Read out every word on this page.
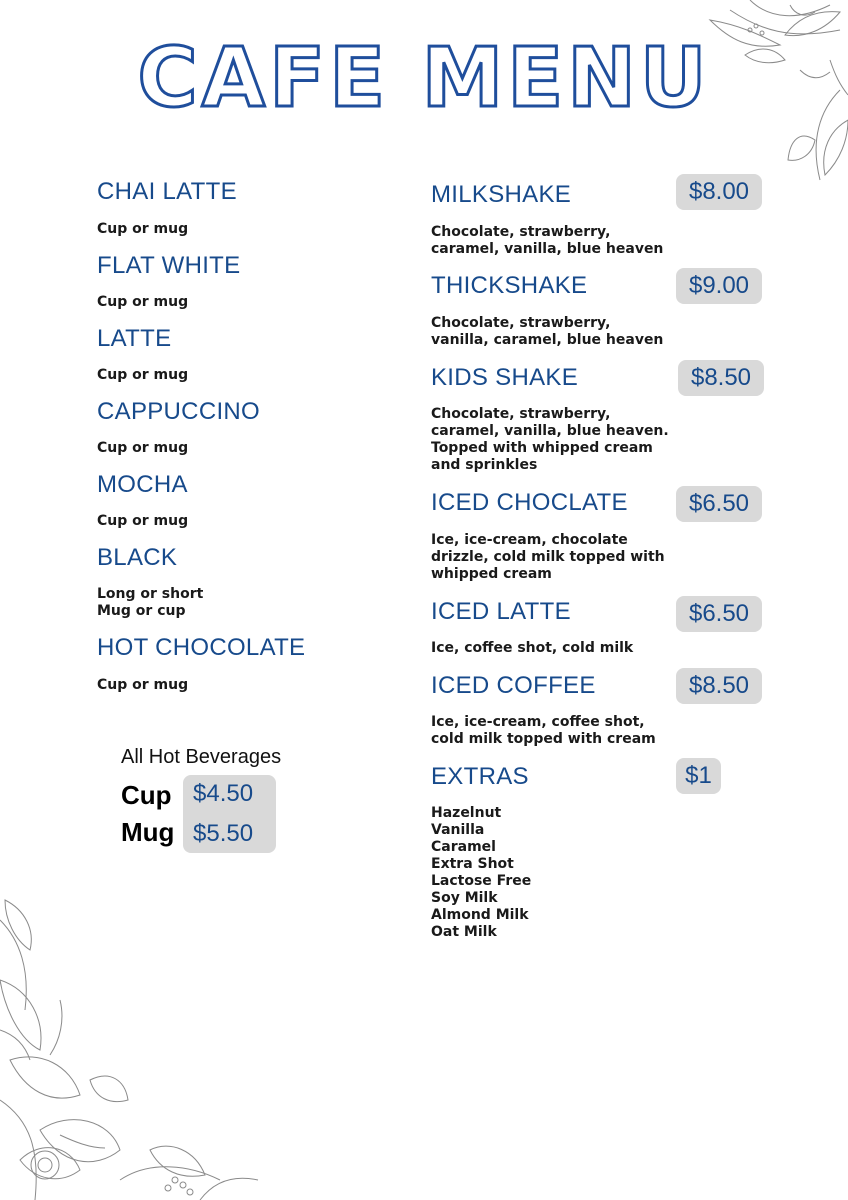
CAFE MENU
CHAI LATTE
Cup or mug
FLAT WHITE
Cup or mug
LATTE
Cup or mug
CAPPUCCINO
Cup or mug
MOCHA
Cup or mug
BLACK
Long or short
Mug or cup
HOT CHOCOLATE
Cup or mug
All Hot Beverages
Cup $4.50
Mug $5.50
MILKSHAKE	$8.00
Chocolate, strawberry,
caramel, vanilla, blue heaven
THICKSHAKE	$9.00
Chocolate, strawberry,
vanilla, caramel, blue heaven
KIDS SHAKE	$8.50
Chocolate, strawberry,
caramel, vanilla, blue heaven.
Topped with whipped cream
and sprinkles
ICED CHOCLATE	$6.50
Ice, ice-cream, chocolate
drizzle, cold milk topped with
whipped cream
ICED LATTE	$6.50
Ice, coffee shot, cold milk
ICED COFFEE	$8.50
Ice, ice-cream, coffee shot,
cold milk topped with cream
EXTRAS	$1
Hazelnut
Vanilla
Caramel
Extra Shot
Lactose Free
Soy Milk
Almond Milk
Oat Milk
